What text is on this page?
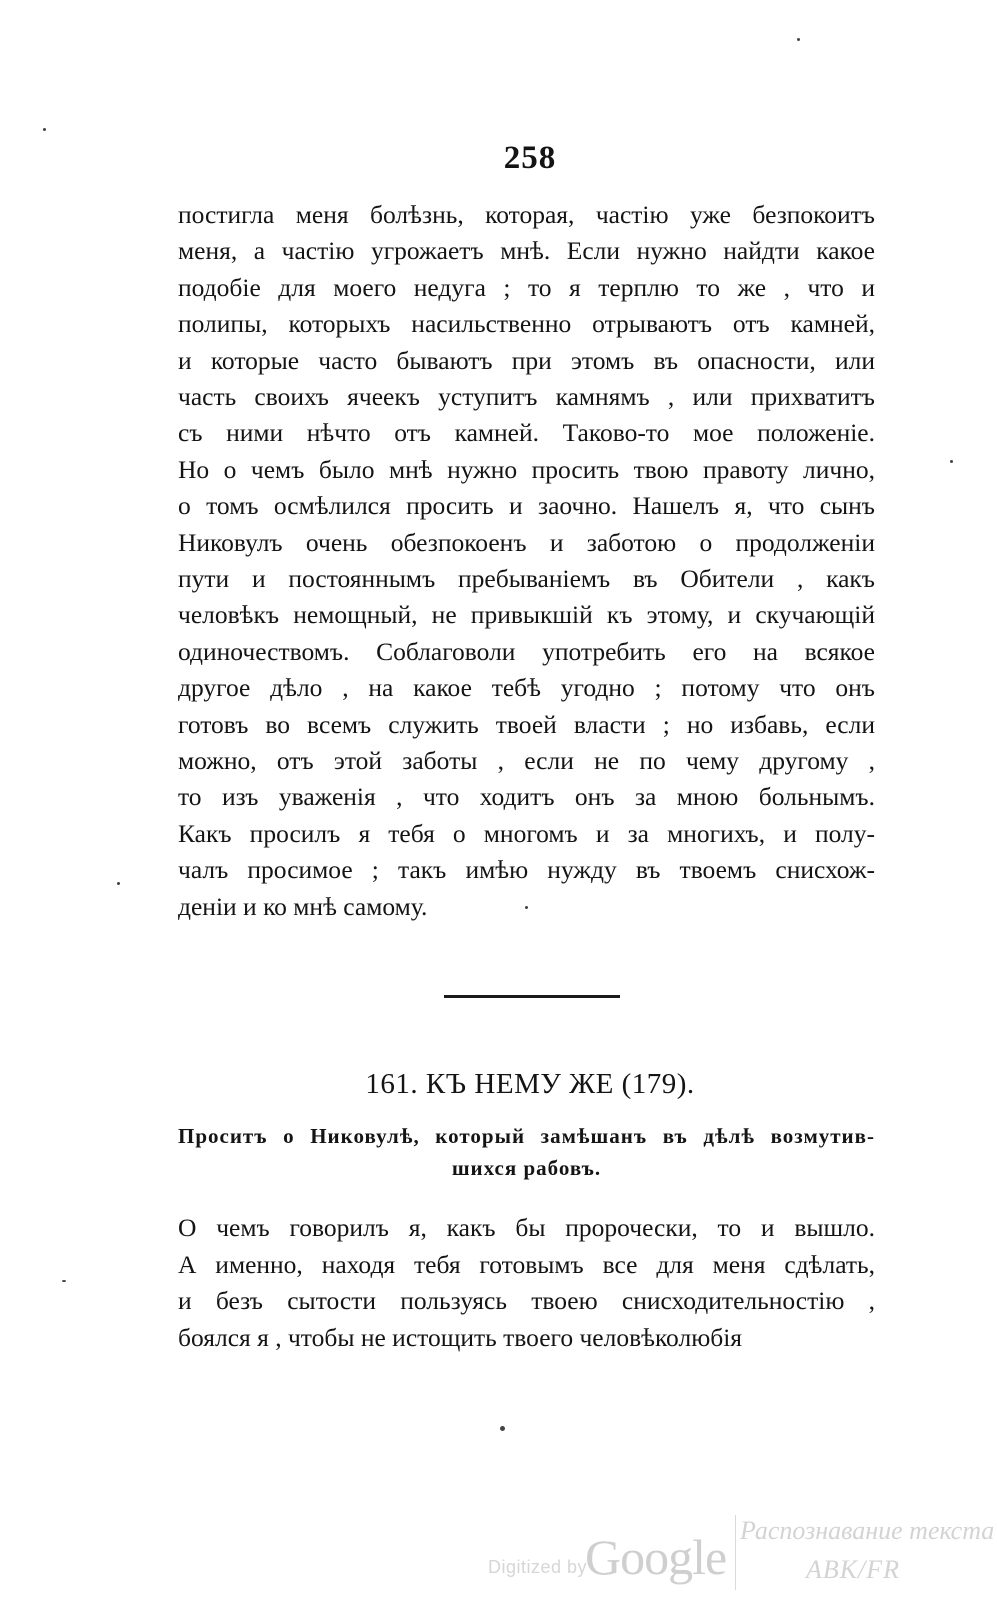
258
постигла меня болѣзнь, которая, частію уже безпокоитъ
меня, а частію угрожаетъ мнѣ. Если нужно найдти какое
подобіе для моего недуга ; то я терплю то же , что и
полипы, которыхъ насильственно отрываютъ отъ камней,
и которые часто бываютъ при этомъ въ опасности, или
часть своихъ ячеекъ уступитъ камнямъ , или прихватитъ
съ ними нѣчто отъ камней. Таково-то мое положеніе.
Но о чемъ было мнѣ нужно просить твою правоту лично,
о томъ осмѣлился просить и заочно. Нашелъ я, что сынъ
Никовулъ очень обезпокоенъ и заботою о продолженіи
пути и постояннымъ пребываніемъ въ Обители , какъ
человѣкъ немощный, не привыкшій къ этому, и скучающій
одиночествомъ. Соблаговоли употребить его на всякое
другое дѣло , на какое тебѣ угодно ; потому что онъ
готовъ во всемъ служить твоей власти ; но избавь, если
можно, отъ этой заботы , если не по чему другому ,
то изъ уваженія , что ходитъ онъ за мною больнымъ.
Какъ просилъ я тебя о многомъ и за многихъ, и полу-
чалъ просимое ; такъ имѣю нужду въ твоемъ снисхож-
деніи и ко мнѣ самому.
161. КЪ НЕМУ ЖЕ (179).
Проситъ о Никовулѣ, который замѣшанъ въ дѣлѣ возмутив-
шихся рабовъ.
О чемъ говорилъ я, какъ бы пророчески, то и вышло.
А именно, находя тебя готовымъ все для меня сдѣлать,
и безъ сытости пользуясь твоею снисходительностію ,
боялся я , чтобы не истощить твоего человѣколюбія
Digitized by
Google Распознавание текста
АВК/FR
